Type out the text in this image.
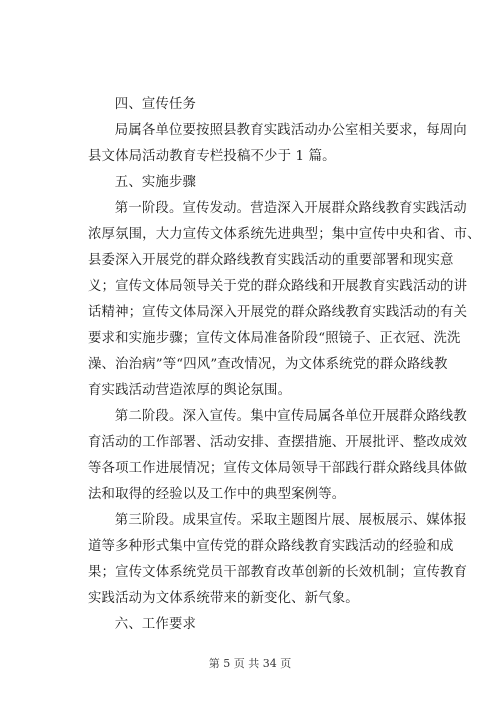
四、宣传任务
局属各单位要按照县教育实践活动办公室相关要求，每周向
县文体局活动教育专栏投稿不少于 1 篇。
五、实施步骤
第一阶段。宣传发动。营造深入开展群众路线教育实践活动
浓厚氛围，大力宣传文体系统先进典型；集中宣传中央和省、市、
县委深入开展党的群众路线教育实践活动的重要部署和现实意
义；宣传文体局领导关于党的群众路线和开展教育实践活动的讲
话精神；宣传文体局深入开展党的群众路线教育实践活动的有关
要求和实施步骤；宣传文体局准备阶段“照镜子、正衣冠、洗洗
澡、治治病”等“四风”查改情况，为文体系统党的群众路线教
育实践活动营造浓厚的舆论氛围。
第二阶段。深入宣传。集中宣传局属各单位开展群众路线教
育活动的工作部署、活动安排、查摆措施、开展批评、整改成效
等各项工作进展情况；宣传文体局领导干部践行群众路线具体做
法和取得的经验以及工作中的典型案例等。
第三阶段。成果宣传。采取主题图片展、展板展示、媒体报
道等多种形式集中宣传党的群众路线教育实践活动的经验和成
果；宣传文体系统党员干部教育改革创新的长效机制；宣传教育
实践活动为文体系统带来的新变化、新气象。
六、工作要求
第 5 页 共 34 页
